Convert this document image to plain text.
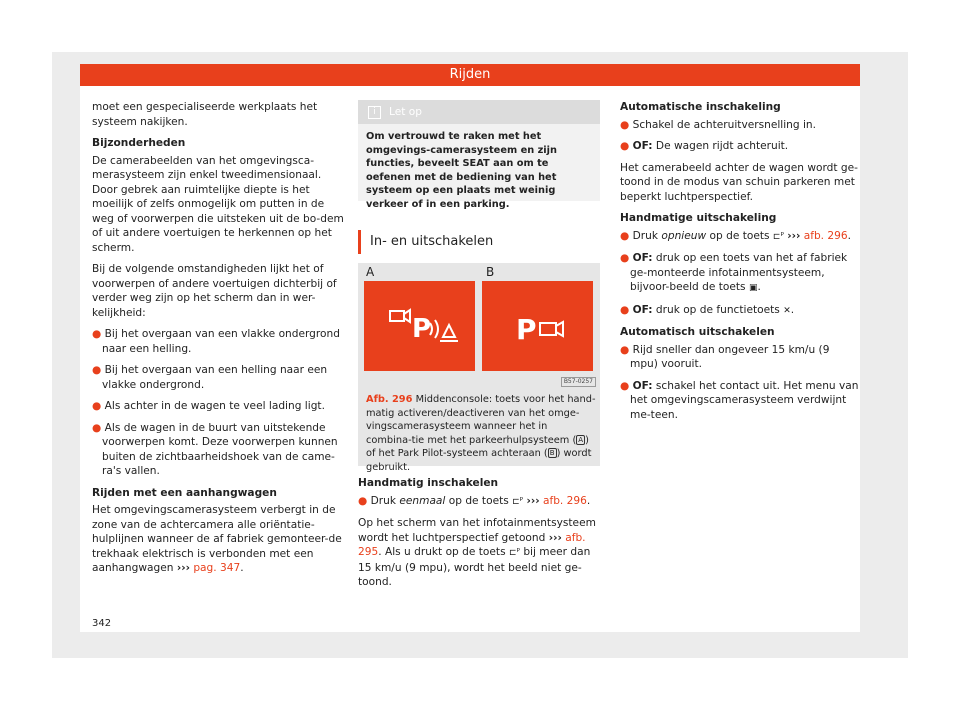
Rijden

moet een gespecialiseerde werkplaats het systeem nakijken.

Bijzonderheden

De camerabeelden van het omgevingsca-merasysteem zijn enkel tweedimensionaal. Door gebrek aan ruimtelijke diepte is het moeilijk of zelfs onmogelijk om putten in de weg of voorwerpen die uitsteken uit de bo-dem of uit andere voertuigen te herkennen op het scherm.

Bij de volgende omstandigheden lijkt het of voorwerpen of andere voertuigen dichterbij of verder weg zijn op het scherm dan in wer-kelijkheid:

● Bij het overgaan van een vlakke ondergrond naar een helling.

● Bij het overgaan van een helling naar een vlakke ondergrond.

● Als achter in de wagen te veel lading ligt.

● Als de wagen in de buurt van uitstekende voorwerpen komt. Deze voorwerpen kunnen buiten de zichtbaarheidshoek van de came-ra's vallen.

Rijden met een aanhangwagen

Het omgevingscamerasysteem verbergt in de zone van de achtercamera alle oriëntatie-hulplijnen wanneer de af fabriek gemonteer-de trekhaak elektrisch is verbonden met een aanhangwagen ››› pag. 347.

i Let op
Om vertrouwd te raken met het omgevings-camerasysteem en zijn functies, beveelt SEAT aan om te oefenen met de bediening van het systeem op een plaats met weinig verkeer of in een parking.
In- en uitschakelen
A	B
P	P
B57-0257
Afb. 296 Middenconsole: toets voor het hand-matig activeren/deactiveren van het omge-vingscamerasysteem wanneer het in combina-tie met het parkeerhulpsysteem ( A ) of het Park Pilot-systeem achteraan ( B ) wordt gebruikt.

Handmatig inschakelen

● Druk eenmaal op de toets ⊏ᴾ ››› afb. 296.

Op het scherm van het infotainmentsysteem wordt het luchtperspectief getoond ››› afb. 295. Als u drukt op de toets ⊏ᴾ bij meer dan 15 km/u (9 mpu), wordt het beeld niet ge-toond.

Automatische inschakeling

● Schakel de achteruitversnelling in.

● OF: De wagen rijdt achteruit.

Het camerabeeld achter de wagen wordt ge-toond in de modus van schuin parkeren met beperkt luchtperspectief.

Handmatige uitschakeling

● Druk opnieuw op de toets ⊏ᴾ ››› afb. 296.

● OF: druk op een toets van het af fabriek ge-monteerde infotainmentsysteem, bijvoor-beeld de toets ▣.

● OF: druk op de functietoets ✕.

Automatisch uitschakelen

● Rijd sneller dan ongeveer 15 km/u (9 mpu) vooruit.

● OF: schakel het contact uit. Het menu van het omgevingscamerasysteem verdwijnt me-teen.

342
